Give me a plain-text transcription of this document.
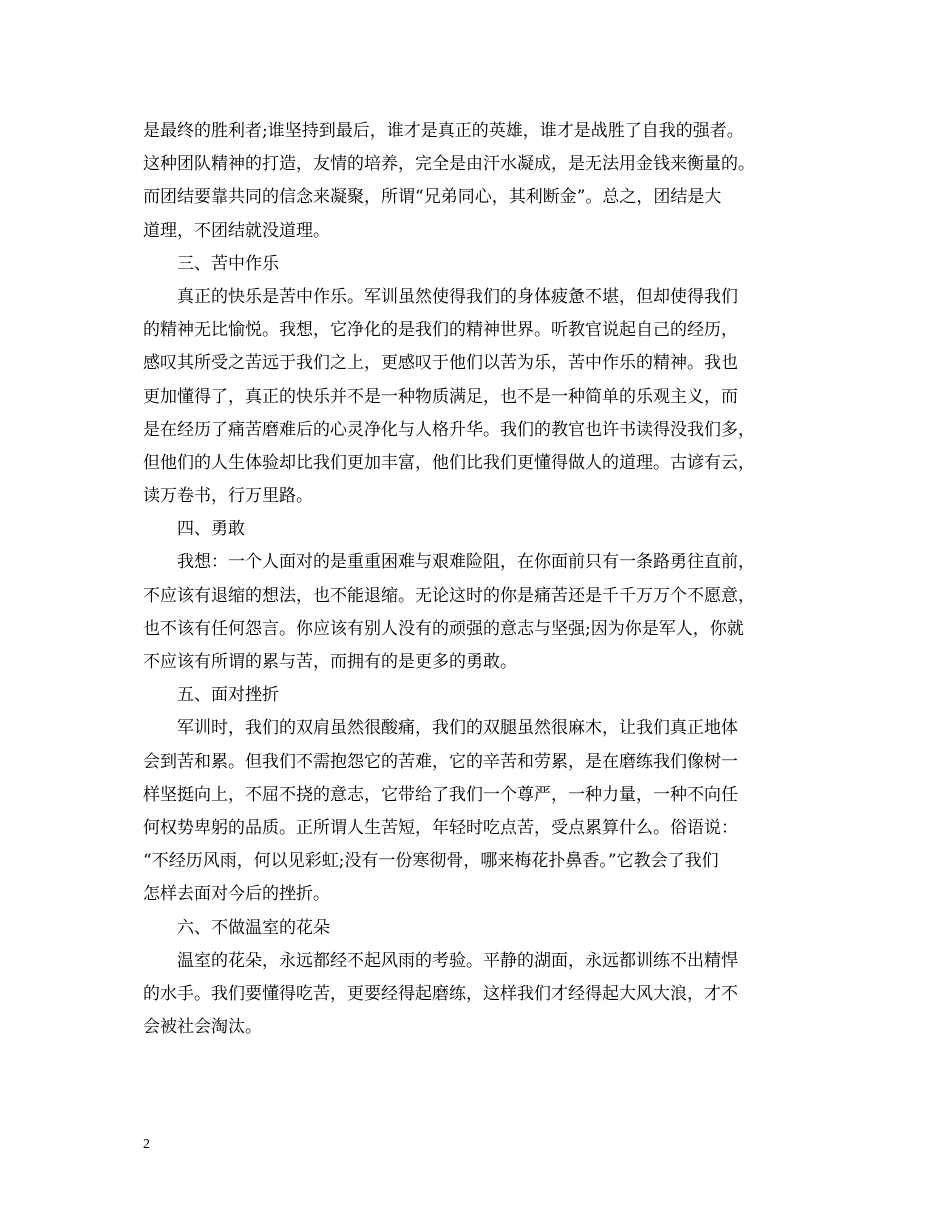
是最终的胜利者;谁坚持到最后，谁才是真正的英雄，谁才是战胜了自我的强者。
这种团队精神的打造，友情的培养，完全是由汗水凝成，是无法用金钱来衡量的。
而团结要靠共同的信念来凝聚，所谓“兄弟同心，其利断金”。总之，团结是大
道理，不团结就没道理。
三、苦中作乐
真正的快乐是苦中作乐。军训虽然使得我们的身体疲惫不堪，但却使得我们
的精神无比愉悦。我想，它净化的是我们的精神世界。听教官说起自己的经历，
感叹其所受之苦远于我们之上，更感叹于他们以苦为乐，苦中作乐的精神。我也
更加懂得了，真正的快乐并不是一种物质满足，也不是一种简单的乐观主义，而
是在经历了痛苦磨难后的心灵净化与人格升华。我们的教官也许书读得没我们多，
但他们的人生体验却比我们更加丰富，他们比我们更懂得做人的道理。古谚有云，
读万卷书，行万里路。
四、勇敢
我想：一个人面对的是重重困难与艰难险阻，在你面前只有一条路勇往直前，
不应该有退缩的想法，也不能退缩。无论这时的你是痛苦还是千千万万个不愿意，
也不该有任何怨言。你应该有别人没有的顽强的意志与坚强;因为你是军人，你就
不应该有所谓的累与苦，而拥有的是更多的勇敢。
五、面对挫折
军训时，我们的双肩虽然很酸痛，我们的双腿虽然很麻木，让我们真正地体
会到苦和累。但我们不需抱怨它的苦难，它的辛苦和劳累，是在磨练我们像树一
样坚挺向上，不屈不挠的意志，它带给了我们一个尊严，一种力量，一种不向任
何权势卑躬的品质。正所谓人生苦短，年轻时吃点苦，受点累算什么。俗语说：
“不经历风雨，何以见彩虹;没有一份寒彻骨，哪来梅花扑鼻香。”它教会了我们
怎样去面对今后的挫折。
六、不做温室的花朵
温室的花朵，永远都经不起风雨的考验。平静的湖面，永远都训练不出精悍
的水手。我们要懂得吃苦，更要经得起磨练，这样我们才经得起大风大浪，才不
会被社会淘汰。
2
